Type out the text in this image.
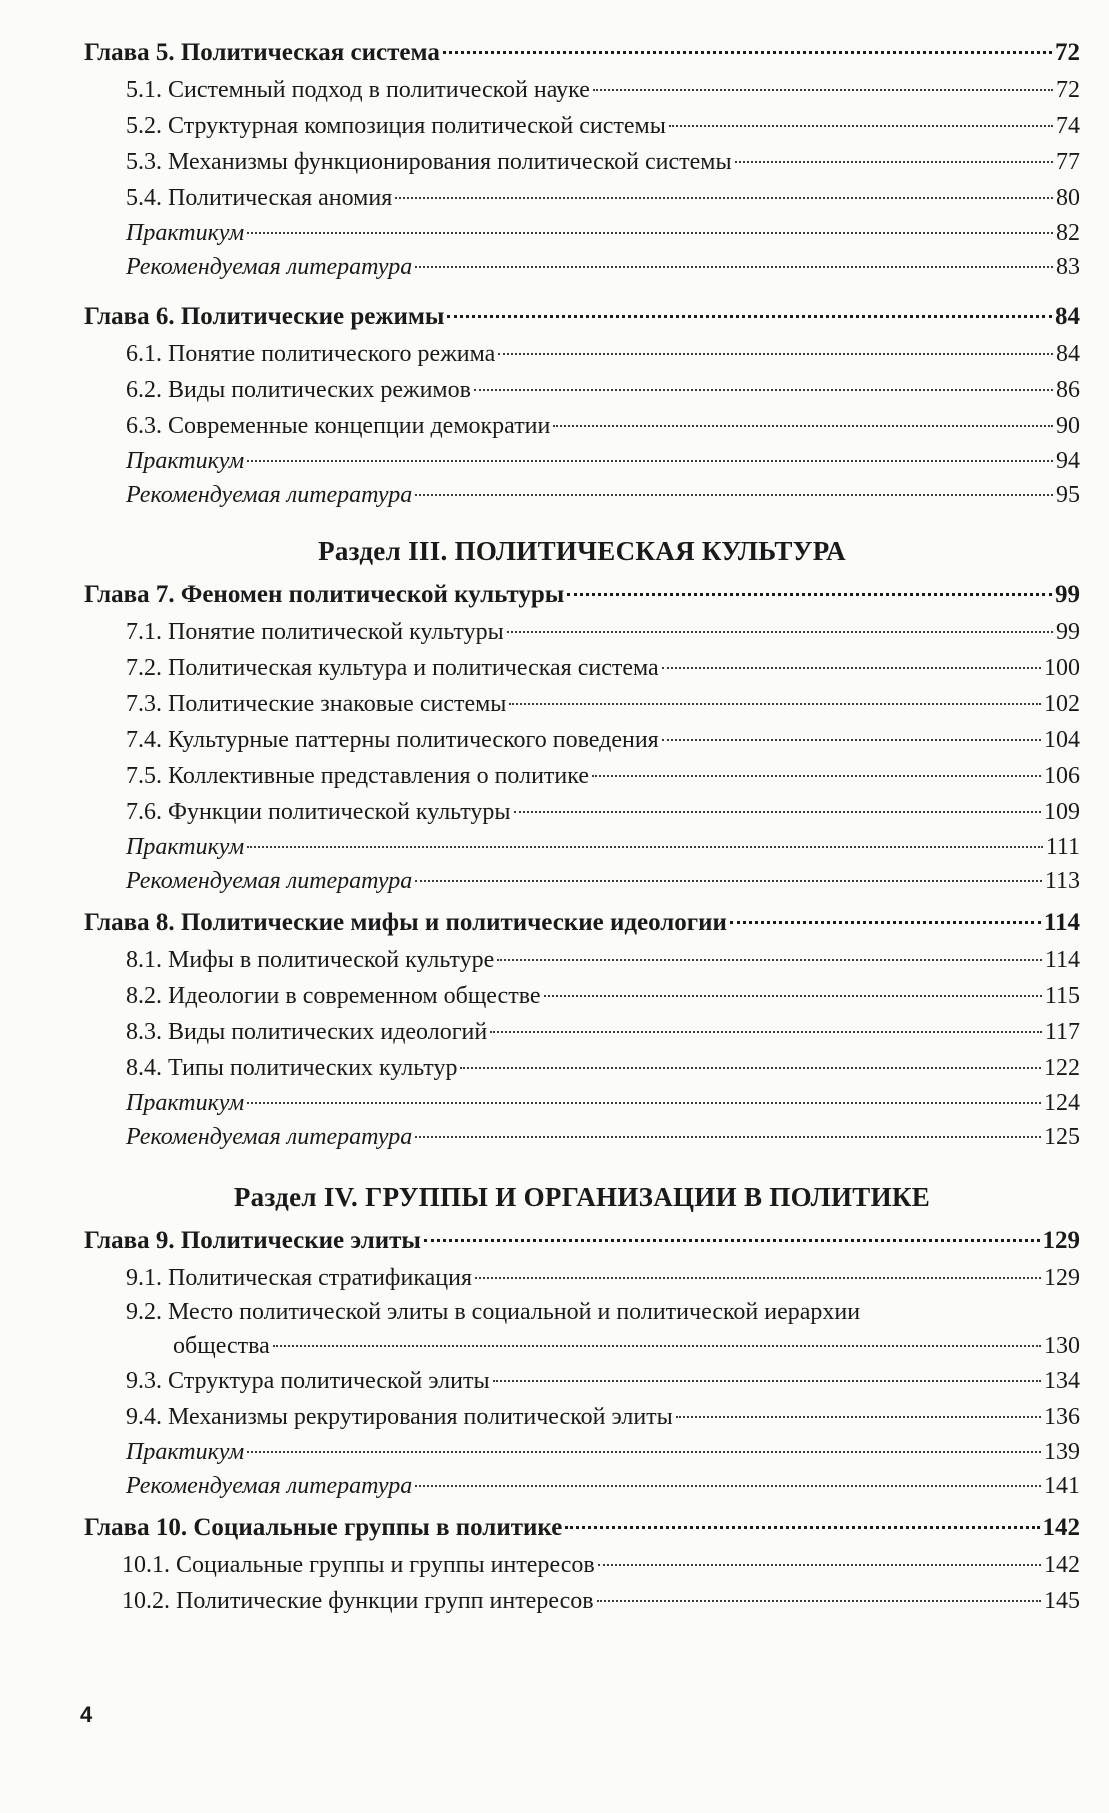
Глава 5. Политическая система	72
5.1. Системный подход в политической науке	72
5.2. Структурная композиция политической системы	74
5.3. Механизмы функционирования политической системы	77
5.4. Политическая аномия	80
Практикум	82
Рекомендуемая литература	83
Глава 6. Политические режимы	84
6.1. Понятие политического режима	84
6.2. Виды политических режимов	86
6.3. Современные концепции демократии	90
Практикум	94
Рекомендуемая литература	95
Раздел III. ПОЛИТИЧЕСКАЯ КУЛЬТУРА
Глава 7. Феномен политической культуры	99
7.1. Понятие политической культуры	99
7.2. Политическая культура и политическая система	100
7.3. Политические знаковые системы	102
7.4. Культурные паттерны политического поведения	104
7.5. Коллективные представления о политике	106
7.6. Функции политической культуры	109
Практикум	111
Рекомендуемая литература	113
Глава 8. Политические мифы и политические идеологии	114
8.1. Мифы в политической культуре	114
8.2. Идеологии в современном обществе	115
8.3. Виды политических идеологий	117
8.4. Типы политических культур	122
Практикум	124
Рекомендуемая литература	125
Раздел IV. ГРУППЫ И ОРГАНИЗАЦИИ В ПОЛИТИКЕ
Глава 9. Политические элиты	129
9.1. Политическая стратификация	129
9.2. Место политической элиты в социальной и политической иерархии
общества	130
9.3. Структура политической элиты	134
9.4. Механизмы рекрутирования политической элиты	136
Практикум	139
Рекомендуемая литература	141
Глава 10. Социальные группы в политике	142
10.1. Социальные группы и группы интересов	142
10.2. Политические функции групп интересов	145
4
